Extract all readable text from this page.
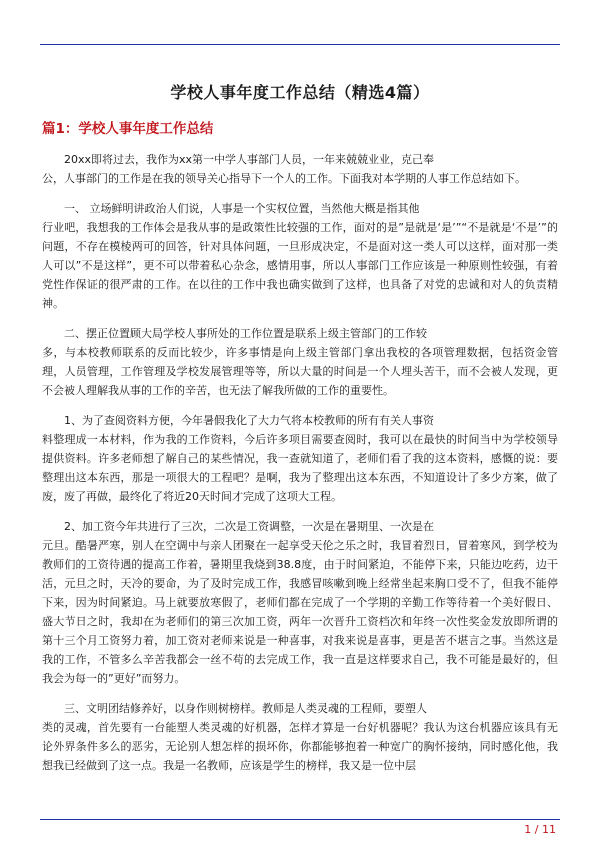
学校人事年度工作总结（精选4篇）
篇1：学校人事年度工作总结

20xx即将过去，我作为xx第一中学人事部门人员，一年来兢兢业业，克己奉
公，人事部门的工作是在我的领导关心指导下一个人的工作。下面我对本学期的人事工作总结如下。

一、 立场鲜明讲政治人们说，人事是一个实权位置，当然他大概是指其他
行业吧，我想我的工作体会是我从事的是政策性比较强的工作，面对的是”是就是‘是’”“不是就是‘不是’”的问题，不存在模棱两可的回答，针对具体问题，一旦形成决定，不是面对这一类人可以这样，面对那一类人可以”不是这样”，更不可以带着私心杂念，感情用事，所以人事部门工作应该是一种原则性较强，有着党性作保证的很严肃的工作。在以往的工作中我也确实做到了这样，也具备了对党的忠诚和对人的负责精神。

二、摆正位置顾大局学校人事所处的工作位置是联系上级主管部门的工作较
多，与本校教师联系的反而比较少，许多事情是向上级主管部门拿出我校的各项管理数据，包括资金管理，人员管理，工作管理及学校发展管理等等，所以大量的时间是一个人埋头苦干，而不会被人发现，更不会被人理解我从事的工作的辛苦，也无法了解我所做的工作的重要性。

1、为了查阅资料方便，今年暑假我化了大力气将本校教师的所有有关人事资
料整理成一本材料，作为我的工作资料，今后许多项目需要查阅时，我可以在最快的时间当中为学校领导提供资料。许多老师想了解自己的某些情况，我一查就知道了，老师们看了我的这本资料，感慨的说：要整理出这本东西，那是一项很大的工程吧？是啊，我为了整理出这本东西，不知道设计了多少方案，做了废，废了再做，最终化了将近20天时间才完成了这项大工程。

2、加工资今年共进行了三次，二次是工资调整，一次是在暑期里、一次是在
元旦。酷暑严寒，别人在空调中与亲人团聚在一起享受天伦之乐之时，我冒着烈日，冒着寒风，到学校为教师们的工资待遇的提高工作着，暑期里我烧到38.8度，由于时间紧迫，不能停下来，只能边吃药，边干活，元旦之时，天冷的要命，为了及时完成工作，我感冒咳嗽到晚上经常坐起来胸口受不了，但我不能停下来，因为时间紧迫。马上就要放寒假了，老师们都在完成了一个学期的辛勤工作等待着一个美好假日、盛大节日之时，我却在为老师们的第三次加工资，两年一次晋升工资档次和年终一次性奖金发放即所谓的第十三个月工资努力着，加工资对老师来说是一种喜事，对我来说是喜事，更是苦不堪言之事。当然这是我的工作，不管多么辛苦我都会一丝不苟的去完成工作，我一直是这样要求自己，我不可能是最好的，但我会为每一的”更好”而努力。

三、文明团结修养好，以身作则树榜样。教师是人类灵魂的工程师，要塑人
类的灵魂，首先要有一台能塑人类灵魂的好机器，怎样才算是一台好机器呢？我认为这台机器应该具有无论外界条件多么的恶劣，无论别人想怎样的损坏你，你都能够抱着一种宽广的胸怀接纳，同时感化他，我想我已经做到了这一点。我是一名教师，应该是学生的榜样，我又是一位中层

1 / 11
